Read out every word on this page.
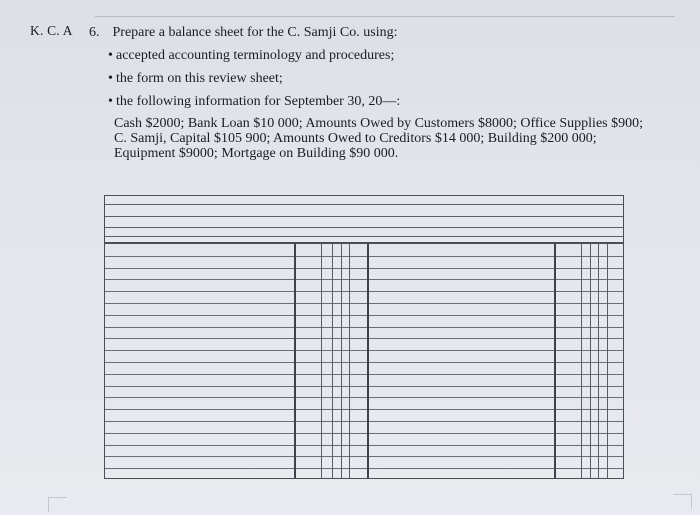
K. C. A 6. Prepare a balance sheet for the C. Samji Co. using:
• accepted accounting terminology and procedures;
• the form on this review sheet;
• the following information for September 30, 20—:
Cash $2000; Bank Loan $10 000; Amounts Owed by Customers $8000; Office Supplies $900;
C. Samji, Capital $105 900; Amounts Owed to Creditors $14 000; Building $200 000;
Equipment $9000; Mortgage on Building $90 000.
